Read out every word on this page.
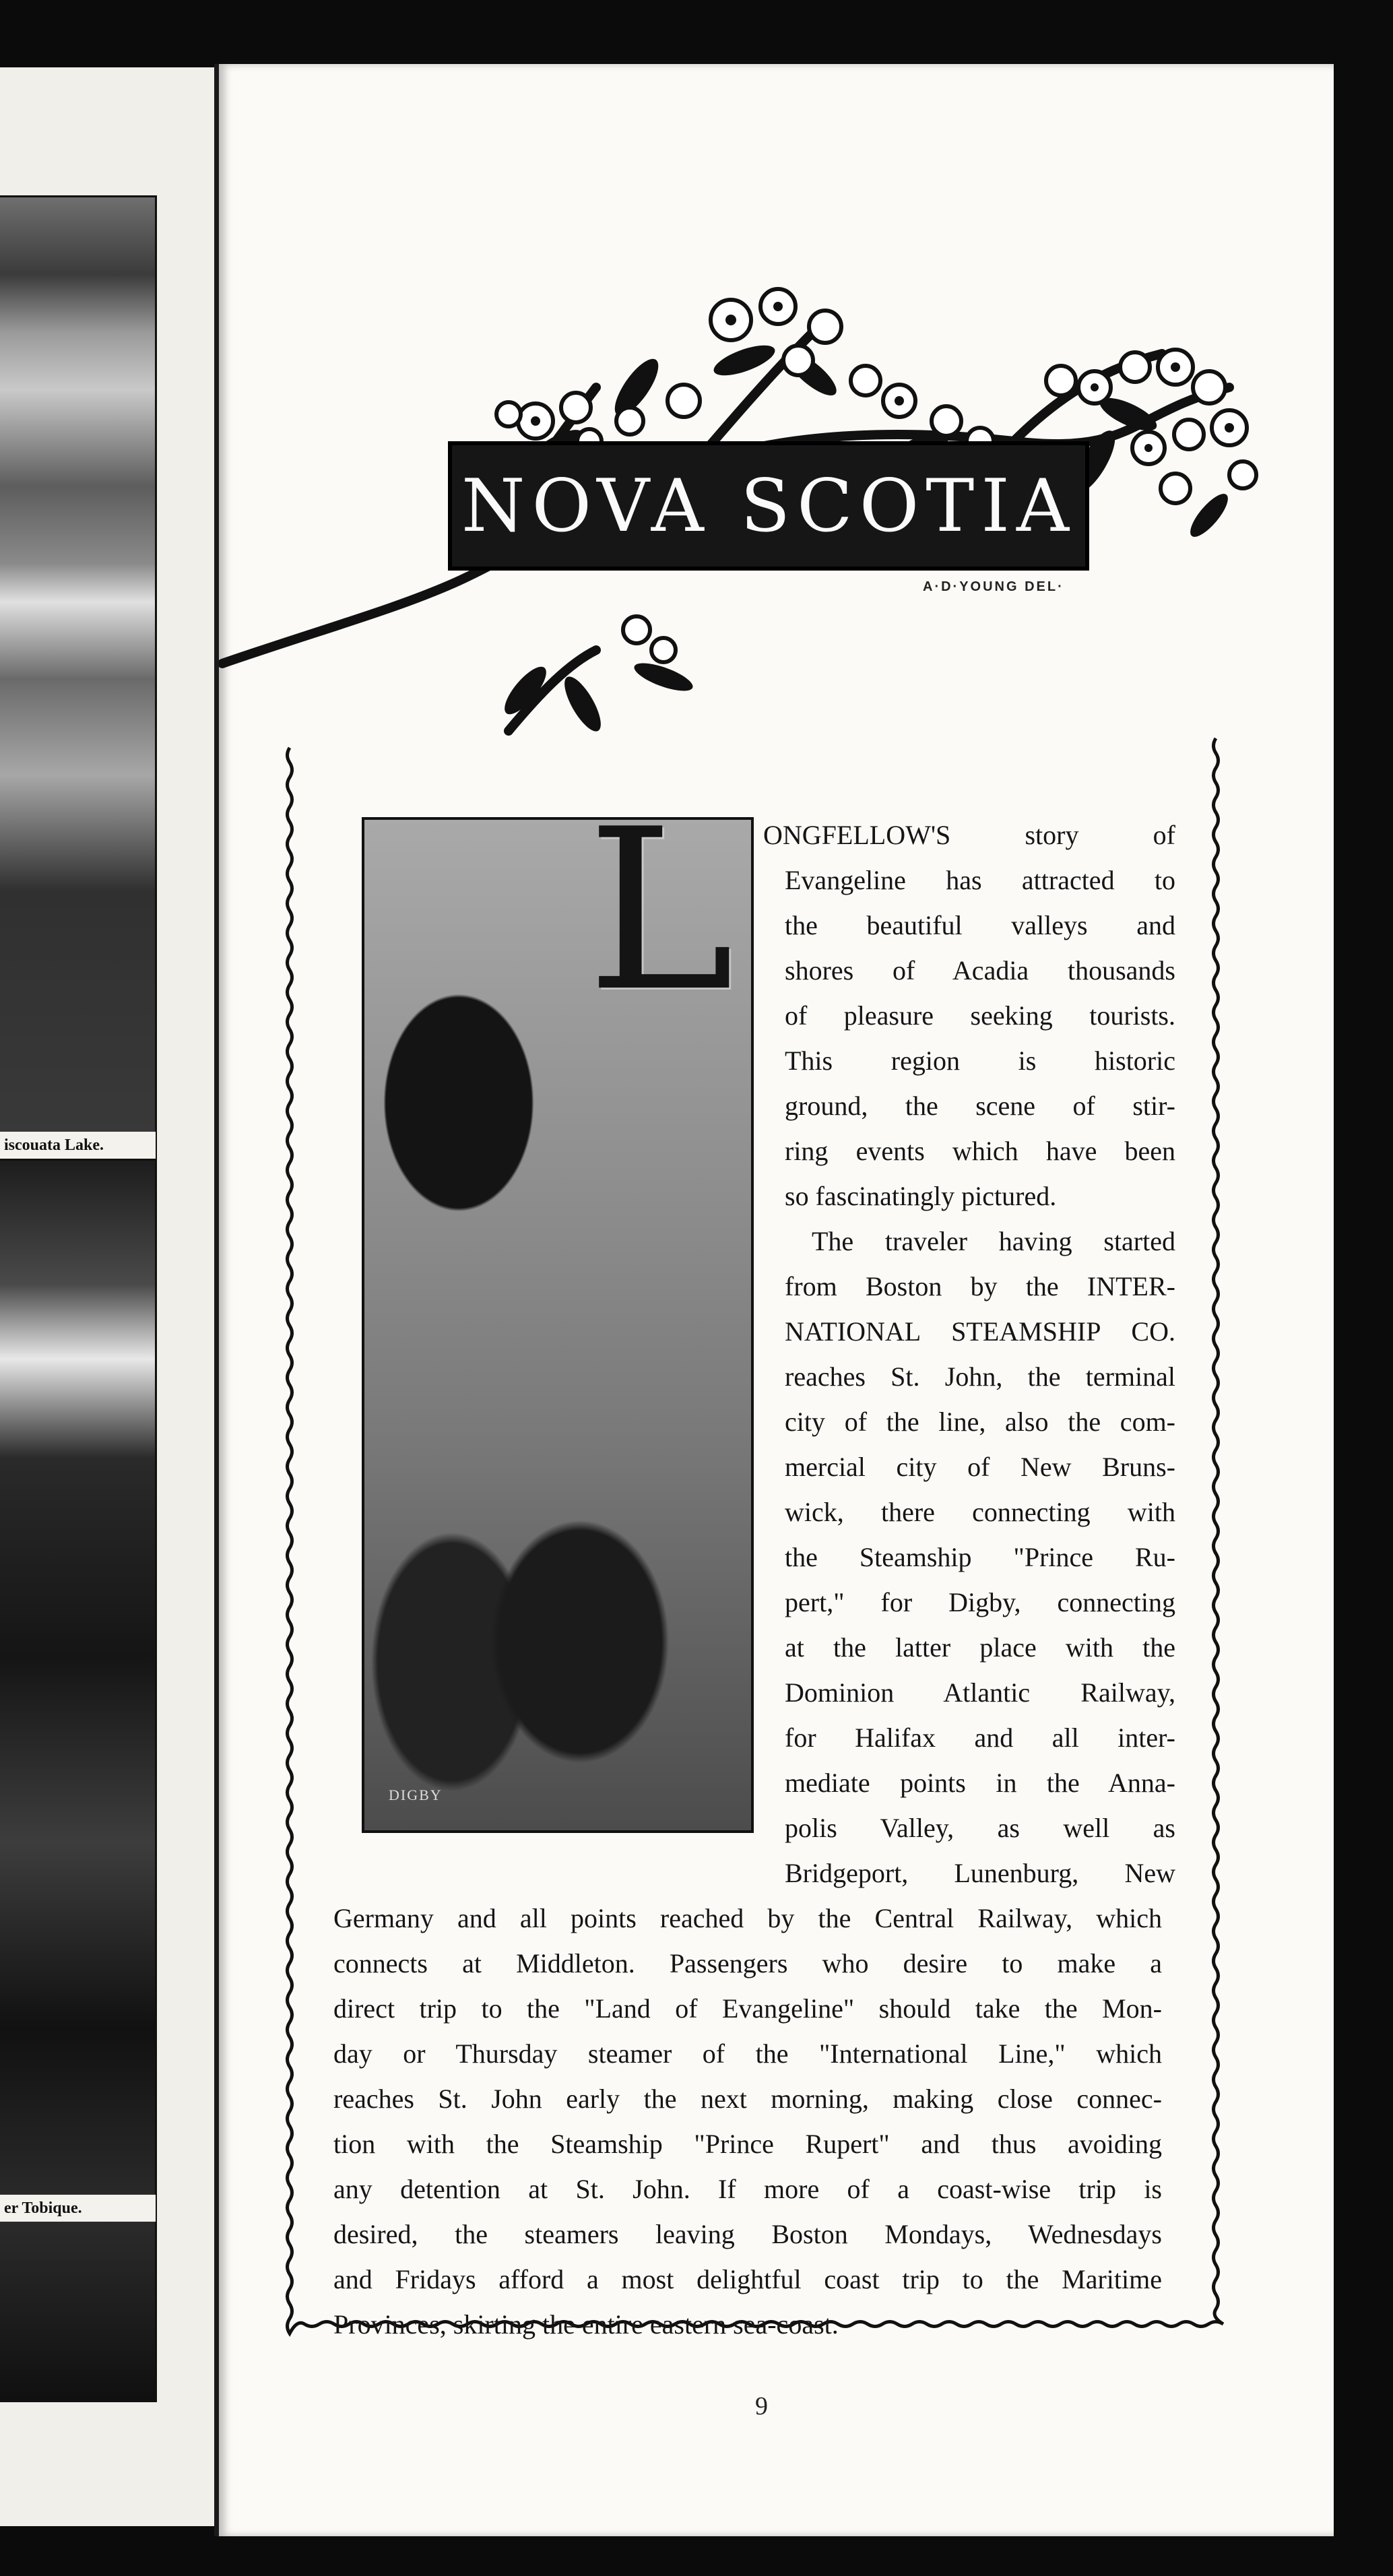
iscouata Lake.
er Tobique.
NOVA SCOTIA
A·D·YOUNG DEL·
L
DIGBY
ONGFELLOW'S story of
Evangeline has attracted to
the beautiful valleys and
shores of Acadia thousands
of pleasure seeking tourists.
This region is historic
ground, the scene of stir-
ring events which have been
so fascinatingly pictured.
The traveler having started
from Boston by the INTER-
NATIONAL STEAMSHIP CO.
reaches St. John, the terminal
city of the line, also the com-
mercial city of New Bruns-
wick, there connecting with
the Steamship "Prince Ru-
pert," for Digby, connecting
at the latter place with the
Dominion Atlantic Railway,
for Halifax and all inter-
mediate points in the Anna-
polis Valley, as well as
Bridgeport, Lunenburg, New
Germany and all points reached by the Central Railway, which
connects at Middleton. Passengers who desire to make a
direct trip to the "Land of Evangeline" should take the Mon-
day or Thursday steamer of the "International Line," which
reaches St. John early the next morning, making close connec-
tion with the Steamship "Prince Rupert" and thus avoiding
any detention at St. John. If more of a coast-wise trip is
desired, the steamers leaving Boston Mondays, Wednesdays
and Fridays afford a most delightful coast trip to the Maritime
Provinces, skirting the entire eastern sea-coast.
9
